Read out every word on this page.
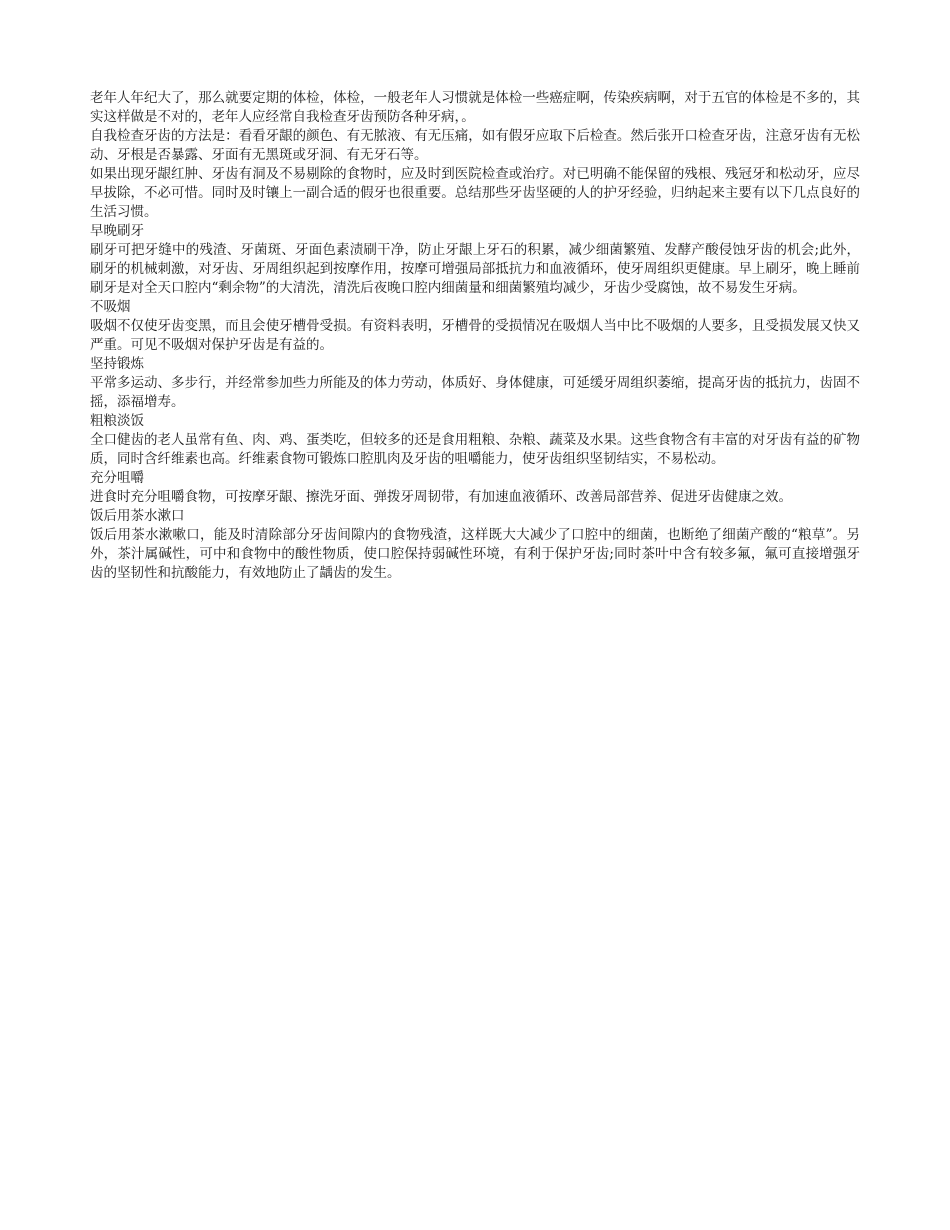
老年人年纪大了，那么就要定期的体检，体检，一般老年人习惯就是体检一些癌症啊，传染疾病啊，对于五官的体检是不多的，其实这样做是不对的，老年人应经常自我检查牙齿预防各种牙病，。

自我检查牙齿的方法是：看看牙龈的颜色、有无脓液、有无压痛，如有假牙应取下后检查。然后张开口检查牙齿，注意牙齿有无松动、牙根是否暴露、牙面有无黑斑或牙洞、有无牙石等。

如果出现牙龈红肿、牙齿有洞及不易剔除的食物时，应及时到医院检查或治疗。对已明确不能保留的残根、残冠牙和松动牙，应尽早拔除，不必可惜。同时及时镶上一副合适的假牙也很重要。总结那些牙齿坚硬的人的护牙经验，归纳起来主要有以下几点良好的生活习惯。

早晚刷牙

刷牙可把牙缝中的残渣、牙菌斑、牙面色素渍刷干净，防止牙龈上牙石的积累，减少细菌繁殖、发酵产酸侵蚀牙齿的机会;此外，刷牙的机械刺激，对牙齿、牙周组织起到按摩作用，按摩可增强局部抵抗力和血液循环，使牙周组织更健康。早上刷牙，晚上睡前刷牙是对全天口腔内“剩余物”的大清洗，清洗后夜晚口腔内细菌量和细菌繁殖均减少，牙齿少受腐蚀，故不易发生牙病。

不吸烟

吸烟不仅使牙齿变黑，而且会使牙槽骨受损。有资料表明，牙槽骨的受损情况在吸烟人当中比不吸烟的人要多，且受损发展又快又严重。可见不吸烟对保护牙齿是有益的。

坚持锻炼

平常多运动、多步行，并经常参加些力所能及的体力劳动，体质好、身体健康，可延缓牙周组织萎缩，提高牙齿的抵抗力，齿固不摇，添福增寿。

粗粮淡饭

全口健齿的老人虽常有鱼、肉、鸡、蛋类吃，但较多的还是食用粗粮、杂粮、蔬菜及水果。这些食物含有丰富的对牙齿有益的矿物质，同时含纤维素也高。纤维素食物可锻炼口腔肌肉及牙齿的咀嚼能力，使牙齿组织坚韧结实，不易松动。

充分咀嚼

进食时充分咀嚼食物，可按摩牙龈、擦洗牙面、弹拨牙周韧带，有加速血液循环、改善局部营养、促进牙齿健康之效。

饭后用茶水漱口

饭后用茶水漱嗽口，能及时清除部分牙齿间隙内的食物残渣，这样既大大减少了口腔中的细菌，也断绝了细菌产酸的“粮草”。另外，茶汁属碱性，可中和食物中的酸性物质，使口腔保持弱碱性环境，有利于保护牙齿;同时茶叶中含有较多氟，氟可直接增强牙齿的坚韧性和抗酸能力，有效地防止了龋齿的发生。
